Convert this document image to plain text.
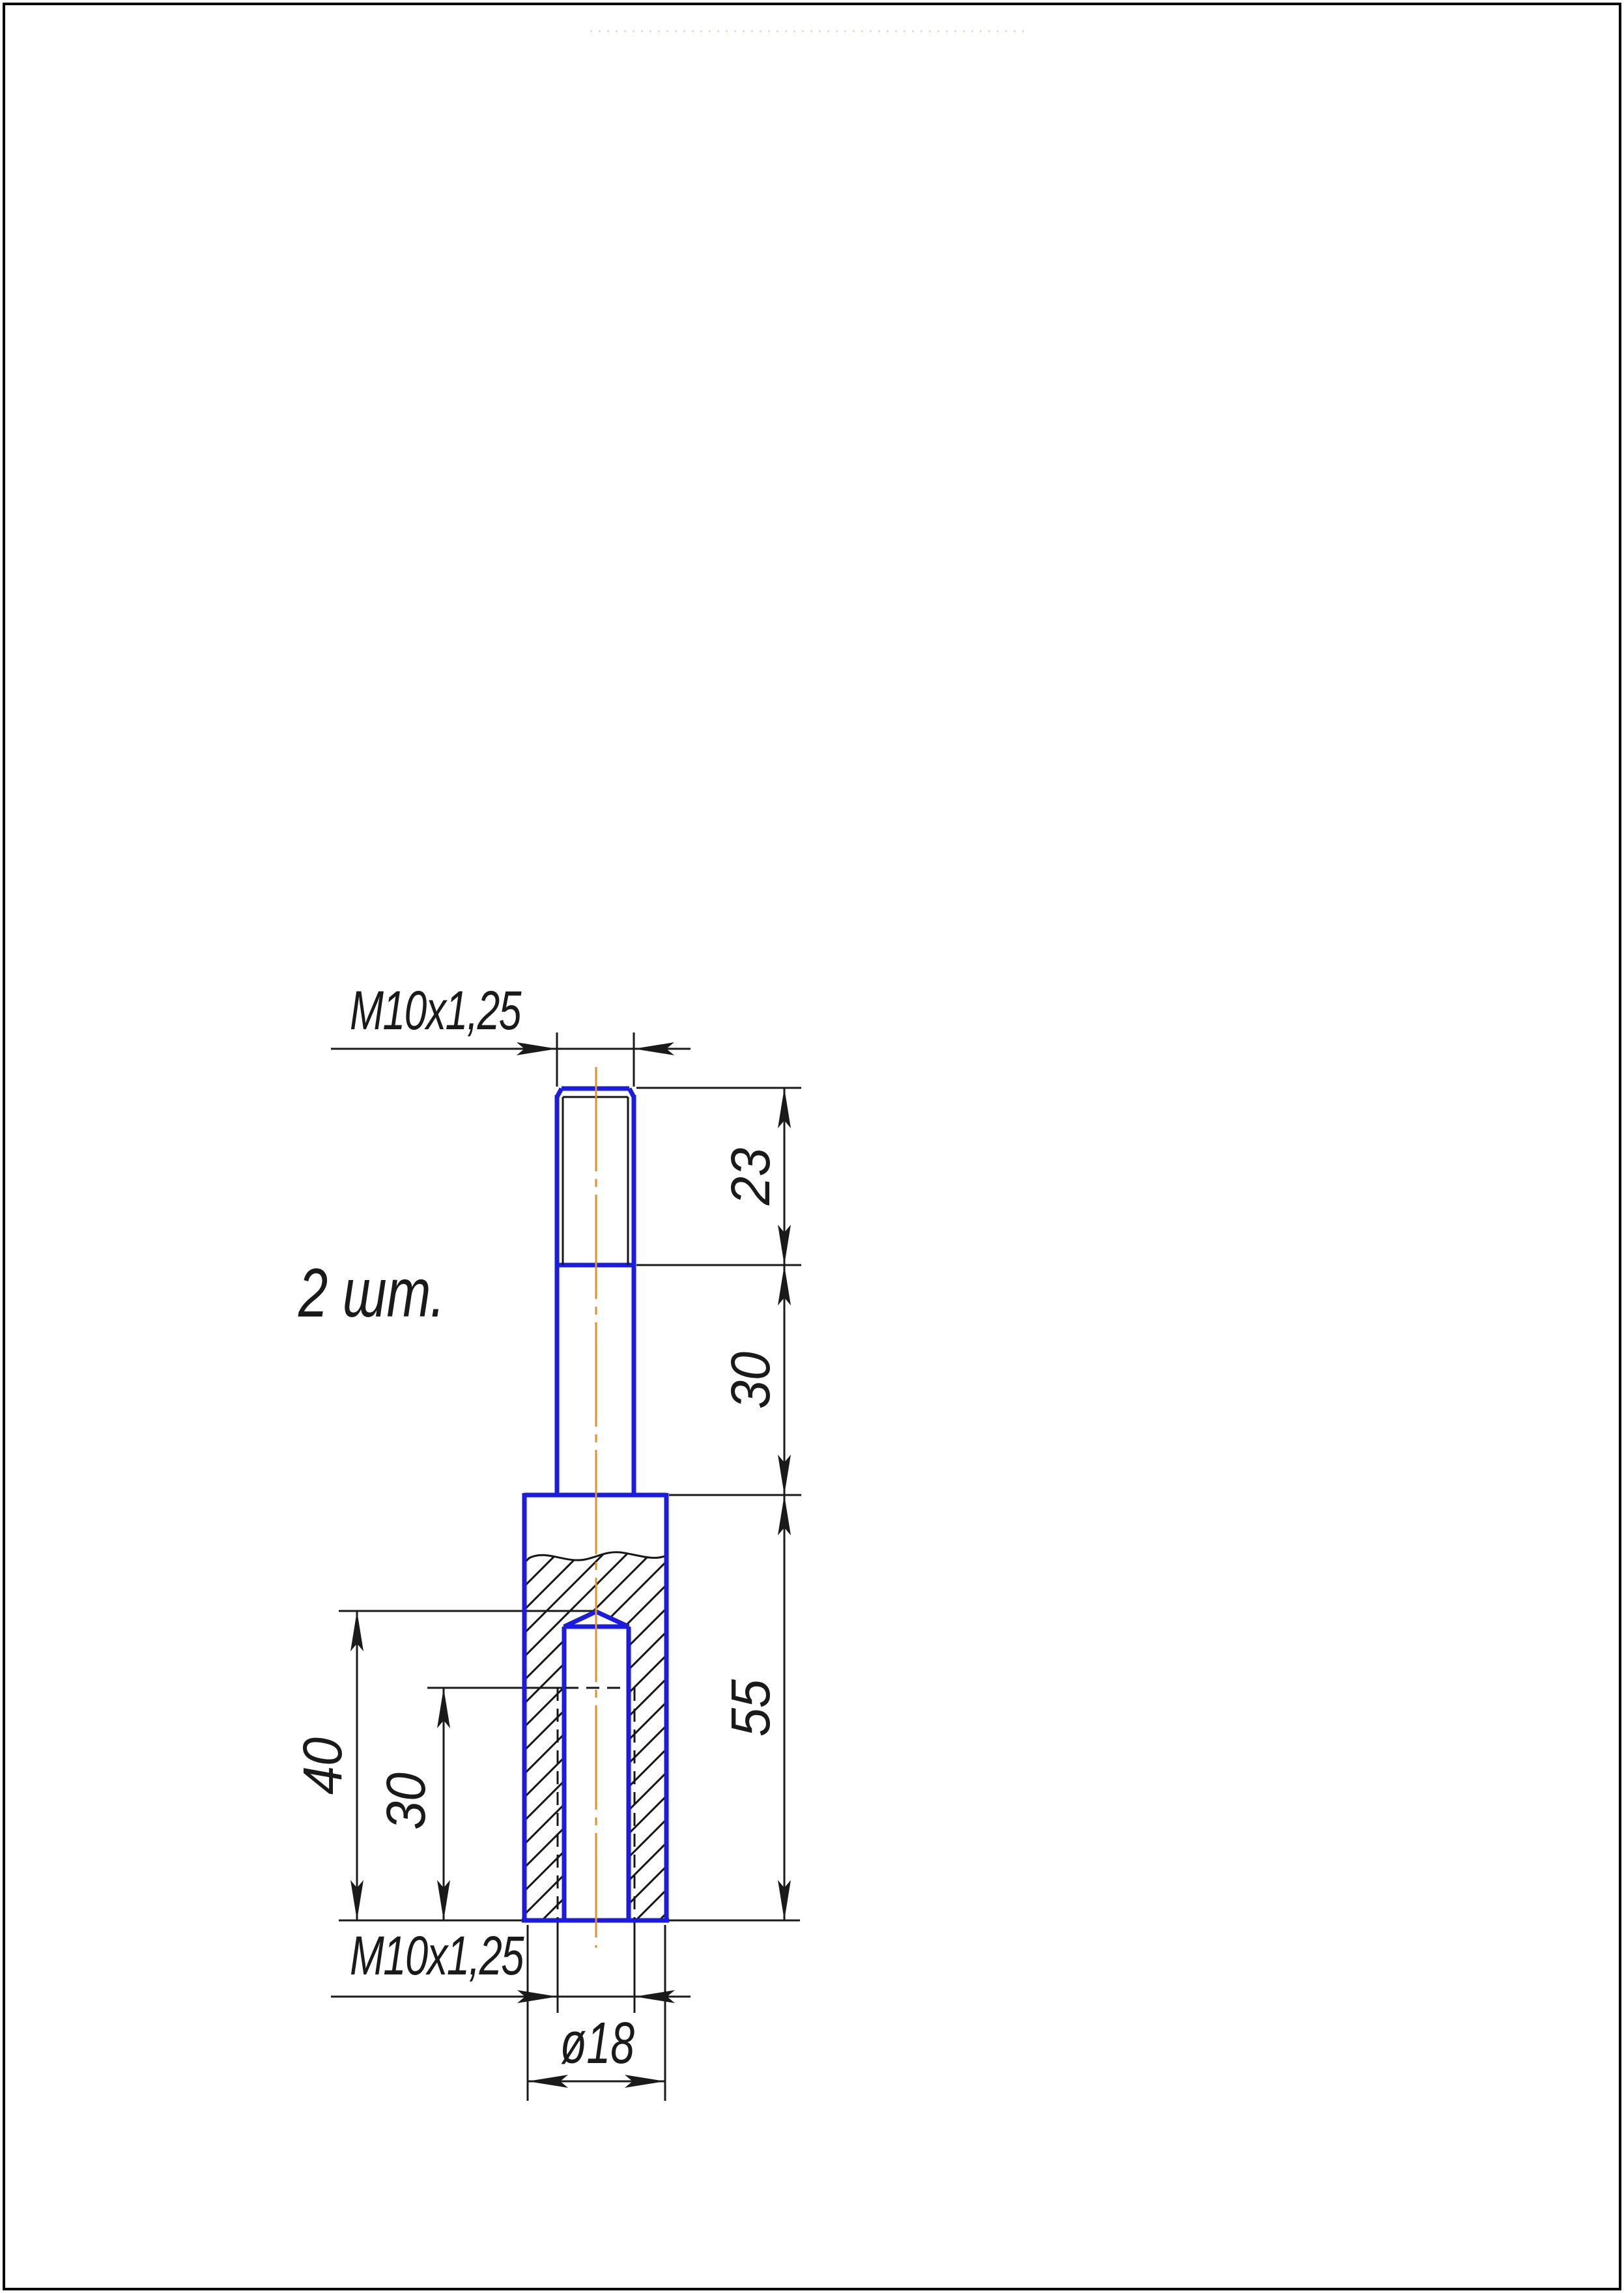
M10x1,25
2 шт.
23
30
55
40
30
M10x1,25
ø18
